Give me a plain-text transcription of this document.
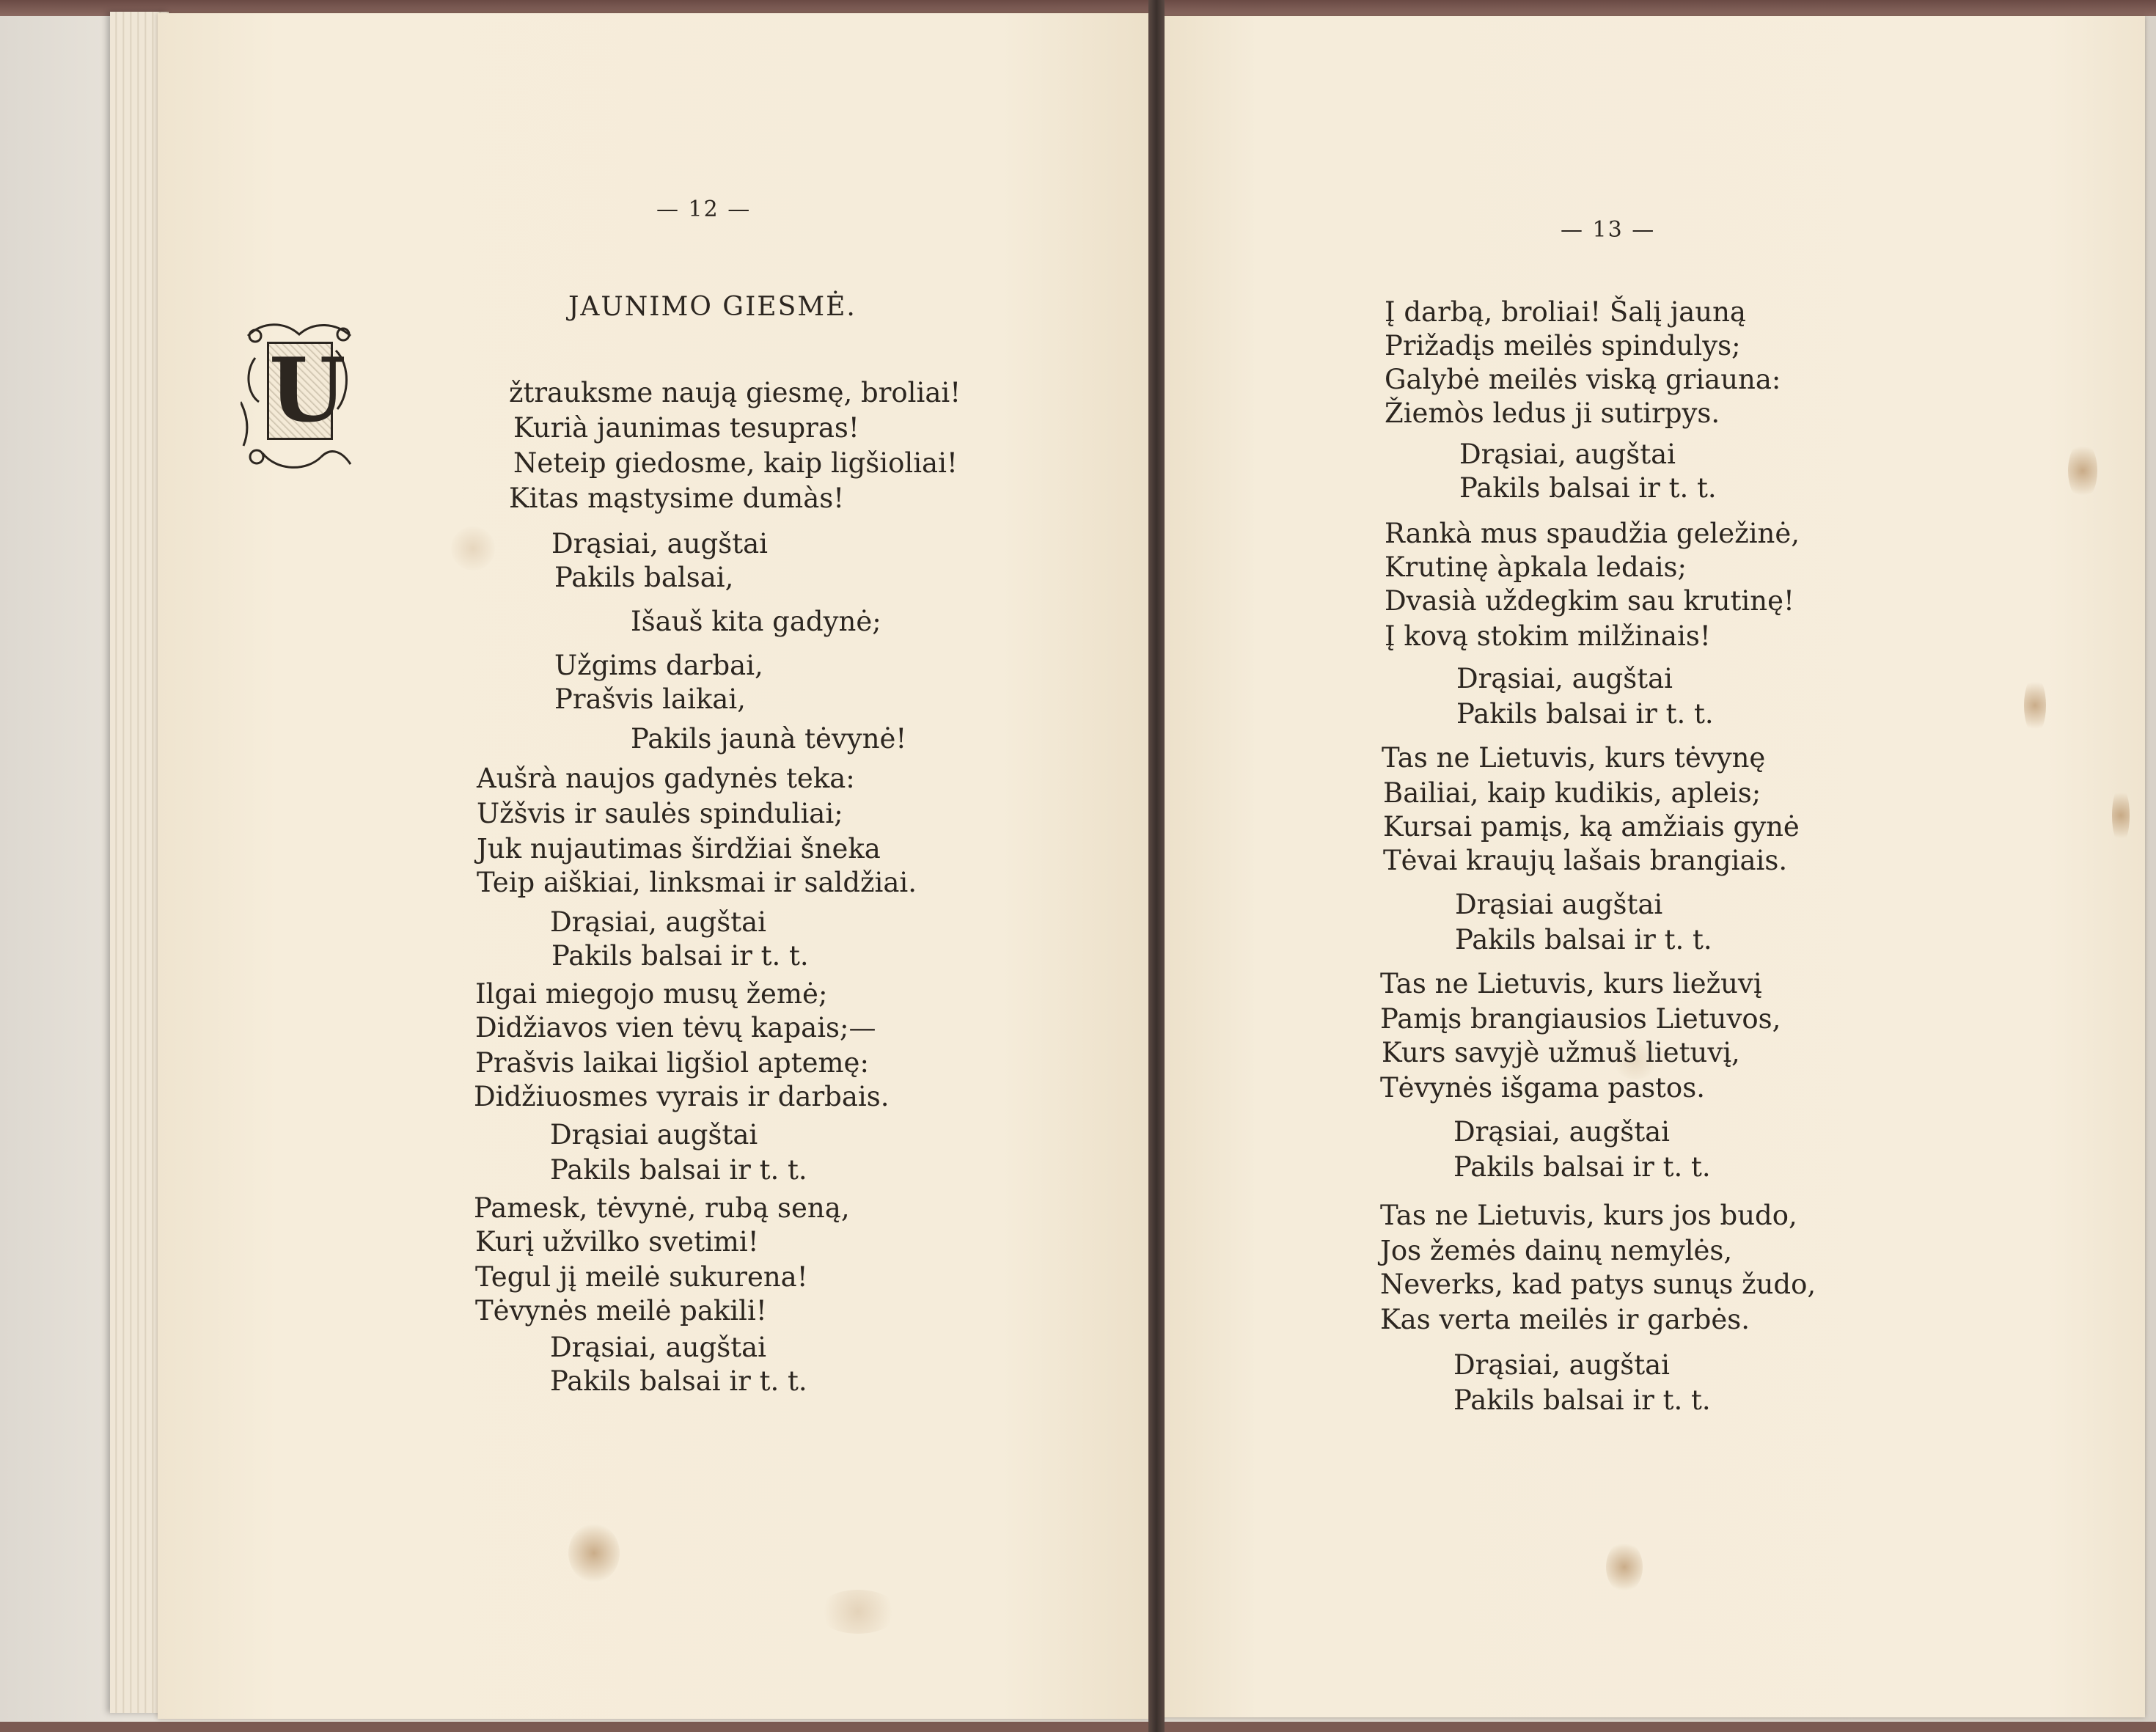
— 12 —
JAUNIMO GIESMĖ.
U	žtrauksme naują giesmę, broliai!
Kurià jaunimas tesupras!
Neteip giedosme, kaip ligšioliai!
Kitas mąstysime dumàs!
Drąsiai, augštai
Pakils balsai,
Išauš kita gadynė;
Užgims darbai,
Prašvis laikai,
Pakils jaunà tėvynė!
Aušrà naujos gadynės teka:
Užšvis ir saulės spinduliai;
Juk nujautimas širdžiai šneka
Teip aiškiai, linksmai ir saldžiai.
Drąsiai, augštai
Pakils balsai ir t. t.
Ilgai miegojo musų žemė;
Didžiavos vien tėvų kapais;—
Prašvis laikai ligšiol aptemę:
Didžiuosmes vyrais ir darbais.
Drąsiai augštai
Pakils balsai ir t. t.
Pamesk, tėvynė, rubą seną,
Kurį užvilko svetimi!
Tegul jį meilė sukurena!
Tėvynės meilė pakili!
Drąsiai, augštai
Pakils balsai ir t. t.
— 13 —
Į darbą, broliai! Šalį jauną
Prižadįs meilės spindulys;
Galybė meilės viską griauna:
Žiemòs ledus ji sutirpys.
Drąsiai, augštai
Pakils balsai ir t. t.
Rankà mus spaudžia geležinė,
Krutinę àpkala ledais;
Dvasià uždegkim sau krutinę!
Į kovą stokim milžinais!
Drąsiai, augštai
Pakils balsai ir t. t.
Tas ne Lietuvis, kurs tėvynę
Bailiai, kaip kudikis, apleis;
Kursai pamįs, ką amžiais gynė
Tėvai kraujų lašais brangiais.
Drąsiai augštai
Pakils balsai ir t. t.
Tas ne Lietuvis, kurs liežuvį
Pamįs brangiausios Lietuvos,
Kurs savyjè užmuš lietuvį,
Tėvynės išgama pastos.
Drąsiai, augštai
Pakils balsai ir t. t.
Tas ne Lietuvis, kurs jos budo,
Jos žemės dainų nemylės,
Neverks, kad patys sunųs žudo,
Kas verta meilės ir garbės.
Drąsiai, augštai
Pakils balsai ir t. t.
